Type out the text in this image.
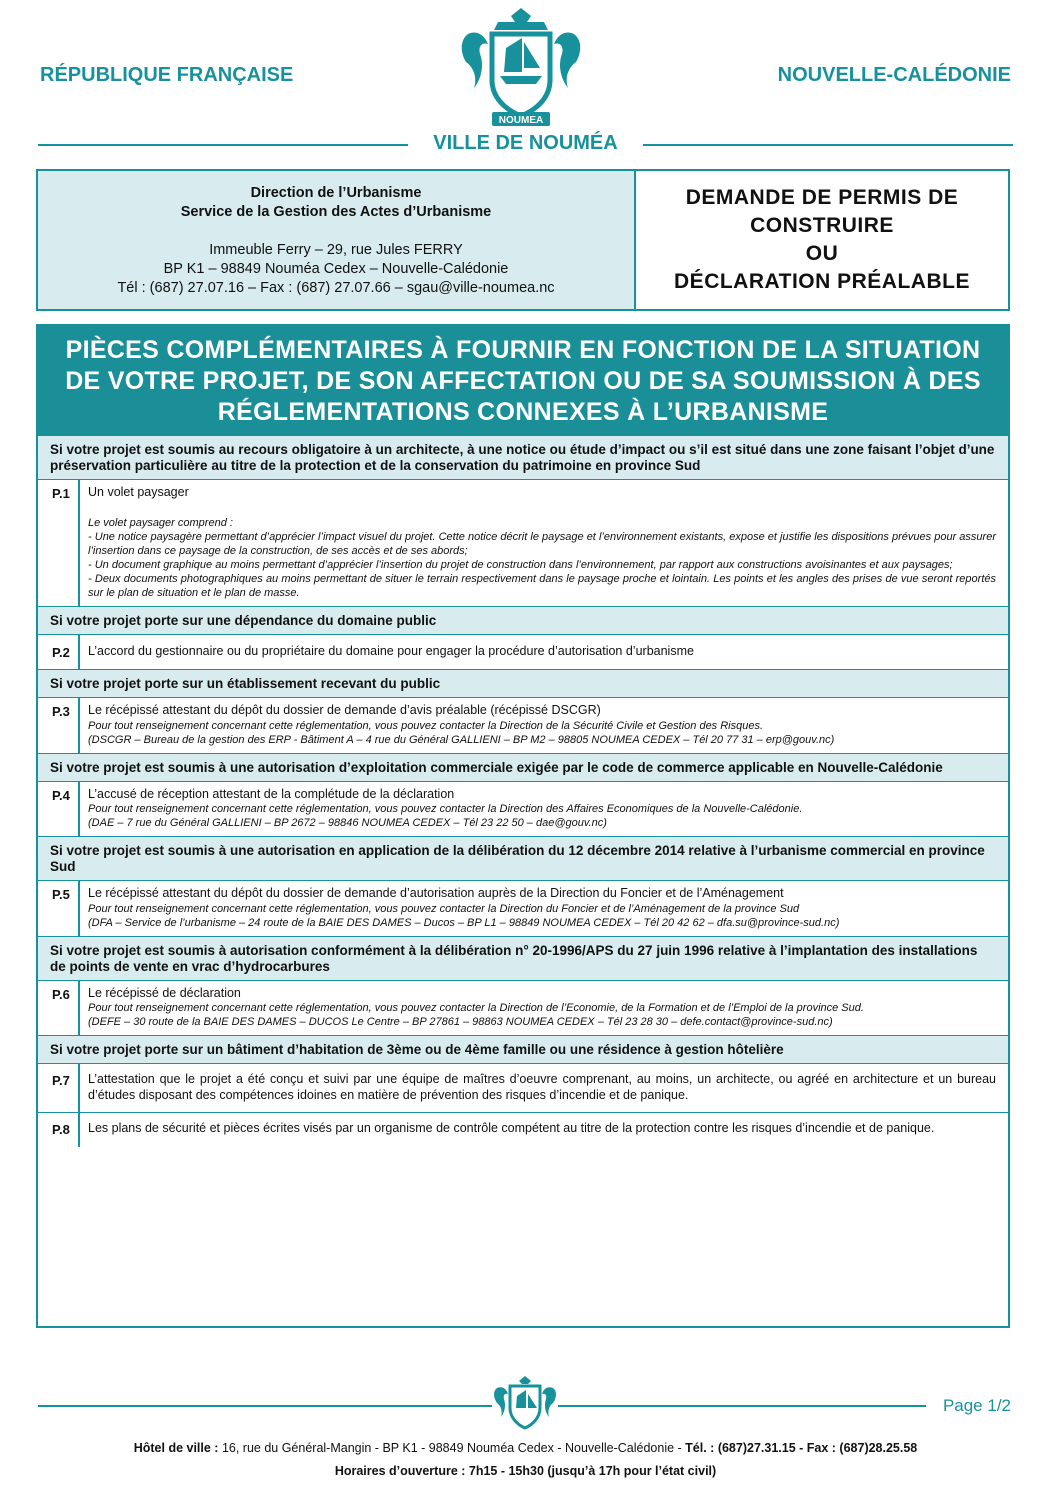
RÉPUBLIQUE FRANÇAISE	NOUVELLE-CALÉDONIE
NOUMEA
VILLE DE NOUMÉA
Direction de l’Urbanisme
Service de la Gestion des Actes d’Urbanisme
Immeuble Ferry – 29, rue Jules FERRY
BP K1 – 98849 Nouméa Cedex – Nouvelle-Calédonie
Tél : (687) 27.07.16 – Fax : (687) 27.07.66 – sgau@ville-noumea.nc
DEMANDE DE PERMIS DE
CONSTRUIRE
OU
DÉCLARATION PRÉALABLE
PIÈCES COMPLÉMENTAIRES À FOURNIR EN FONCTION DE LA SITUATION DE VOTRE PROJET, DE SON AFFECTATION OU DE SA SOUMISSION À DES RÉGLEMENTATIONS CONNEXES À L’URBANISME
Si votre projet est soumis au recours obligatoire à un architecte, à une notice ou étude d’impact ou s’il est situé dans une zone faisant l’objet d’une préservation particulière au titre de la protection et de la conservation du patrimoine en province Sud
P.1	Un volet paysager

Le volet paysager comprend :

- Une notice paysagère permettant d’apprécier l’impact visuel du projet. Cette notice décrit le paysage et l’environnement existants, expose et justifie les dispositions prévues pour assurer l’insertion dans ce paysage de la construction, de ses accès et de ses abords;

- Un document graphique au moins permettant d’apprécier l’insertion du projet de construction dans l’environnement, par rapport aux constructions avoisinantes et aux paysages;

- Deux documents photographiques au moins permettant de situer le terrain respectivement dans le paysage proche et lointain. Les points et les angles des prises de vue seront reportés sur le plan de situation et le plan de masse.

Si votre projet porte sur une dépendance du domaine public
P.2	L’accord du gestionnaire ou du propriétaire du domaine pour engager la procédure d’autorisation d’urbanisme

Si votre projet porte sur un établissement recevant du public
P.3	Le récépissé attestant du dépôt du dossier de demande d’avis préalable (récépissé DSCGR)

Pour tout renseignement concernant cette réglementation, vous pouvez contacter la Direction de la Sécurité Civile et Gestion des Risques.

(DSCGR – Bureau de la gestion des ERP - Bâtiment A – 4 rue du Général GALLIENI – BP M2 – 98805 NOUMEA CEDEX – Tél 20 77 31 – erp@gouv.nc)

Si votre projet est soumis à une autorisation d’exploitation commerciale exigée par le code de commerce applicable en Nouvelle-Calédonie
P.4	L’accusé de réception attestant de la complétude de la déclaration

Pour tout renseignement concernant cette réglementation, vous pouvez contacter la Direction des Affaires Economiques de la Nouvelle-Calédonie.

(DAE – 7 rue du Général GALLIENI – BP 2672 – 98846 NOUMEA CEDEX – Tél 23 22 50 – dae@gouv.nc)

Si votre projet est soumis à une autorisation en application de la délibération du 12 décembre 2014 relative à l’urbanisme commercial en province Sud
P.5	Le récépissé attestant du dépôt du dossier de demande d’autorisation auprès de la Direction du Foncier et de l’Aménagement

Pour tout renseignement concernant cette réglementation, vous pouvez contacter la Direction du Foncier et de l’Aménagement de la province Sud

(DFA – Service de l’urbanisme – 24 route de la BAIE DES DAMES – Ducos – BP L1 – 98849 NOUMEA CEDEX – Tél 20 42 62 – dfa.su@province-sud.nc)

Si votre projet est soumis à autorisation conformément à la délibération n° 20-1996/APS du 27 juin 1996 relative à l’implantation des installations de points de vente en vrac d’hydrocarbures
P.6	Le récépissé de déclaration

Pour tout renseignement concernant cette réglementation, vous pouvez contacter la Direction de l’Economie, de la Formation et de l’Emploi de la province Sud.

(DEFE – 30 route de la BAIE DES DAMES – DUCOS Le Centre – BP 27861 – 98863 NOUMEA CEDEX – Tél 23 28 30 – defe.contact@province-sud.nc)

Si votre projet porte sur un bâtiment d’habitation de 3ème ou de 4ème famille ou une résidence à gestion hôtelière
P.7	L’attestation que le projet a été conçu et suivi par une équipe de maîtres d’oeuvre comprenant, au moins, un architecte, ou agréé en architecture et un bureau d’études disposant des compétences idoines en matière de prévention des risques d’incendie et de panique.

P.8	Les plans de sécurité et pièces écrites visés par un organisme de contrôle compétent au titre de la protection contre les risques d’incendie et de panique.

Page 1/2
Hôtel de ville : 16, rue du Général-Mangin - BP K1 - 98849 Nouméa Cedex - Nouvelle-Calédonie - Tél. : (687)27.31.15 - Fax : (687)28.25.58
Horaires d’ouverture : 7h15 - 15h30 (jusqu’à 17h pour l’état civil)
